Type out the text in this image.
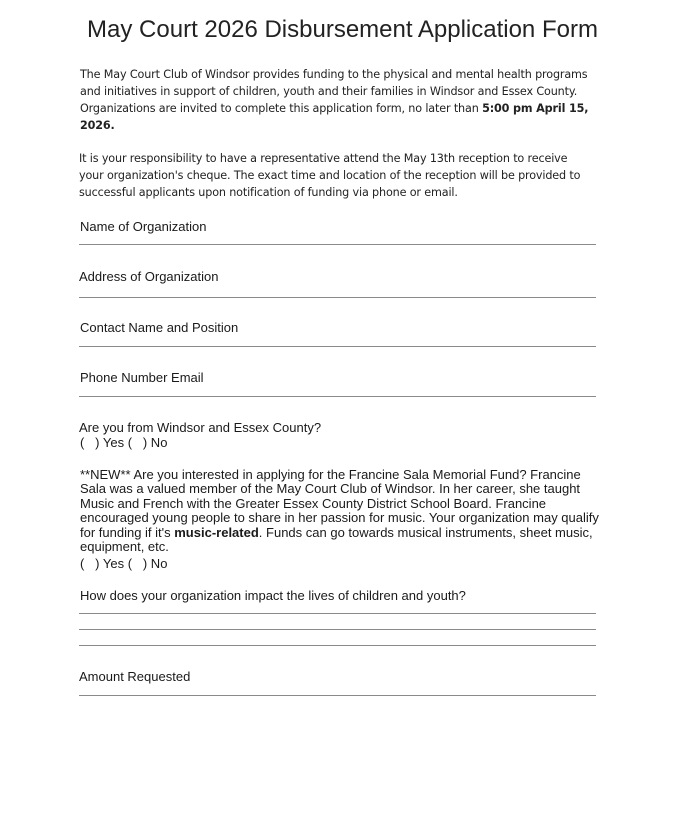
May Court 2026 Disbursement Application Form

The May Court Club of Windsor provides funding to the physical and mental health programs and initiatives in support of children, youth and their families in Windsor and Essex County. Organizations are invited to complete this application form, no later than 5:00 pm April 15, 2026.

It is your responsibility to have a representative attend the May 13th reception to receive your organization's cheque. The exact time and location of the reception will be provided to successful applicants upon notification of funding via phone or email.

Name of Organization
Address of Organization
Contact Name and Position
Phone Number Email
Are you from Windsor and Essex County?
(   ) Yes (   ) No

**NEW** Are you interested in applying for the Francine Sala Memorial Fund? Francine Sala was a valued member of the May Court Club of Windsor. In her career, she taught Music and French with the Greater Essex County District School Board. Francine encouraged young people to share in her passion for music. Your organization may qualify for funding if it's music-related. Funds can go towards musical instruments, sheet music, equipment, etc.

(   ) Yes (   ) No
How does your organization impact the lives of children and youth?
Amount Requested
